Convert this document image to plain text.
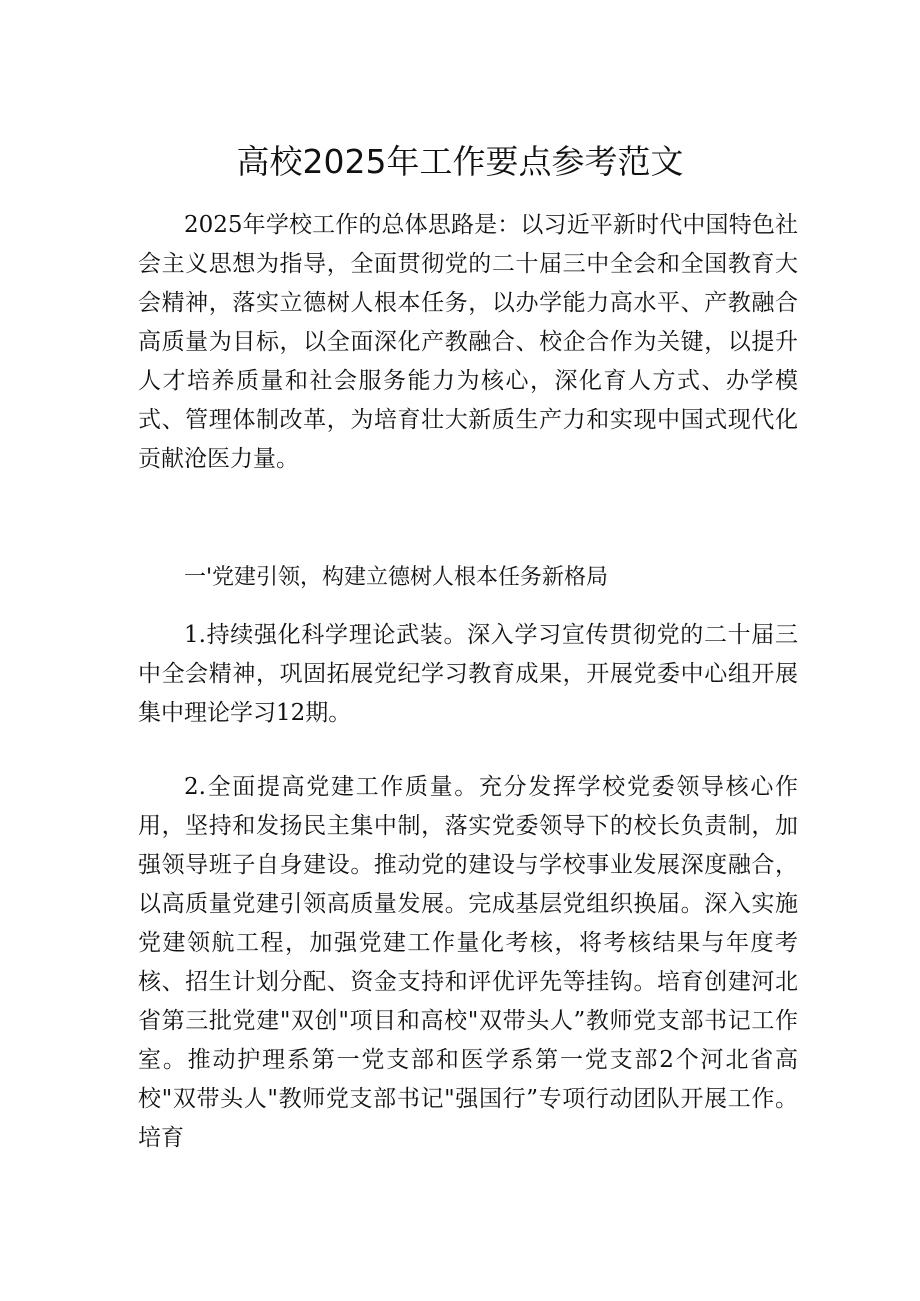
高校2025年工作要点参考范文
2025年学校工作的总体思路是：以习近平新时代中国特色社会主义思想为指导，全面贯彻党的二十届三中全会和全国教育大会精神，落实立德树人根本任务，以办学能力高水平、产教融合高质量为目标，以全面深化产教融合、校企合作为关键，以提升人才培养质量和社会服务能力为核心，深化育人方式、办学模式、管理体制改革，为培育壮大新质生产力和实现中国式现代化贡献沧医力量。
一'党建引领，构建立德树人根本任务新格局
1.持续强化科学理论武装。深入学习宣传贯彻党的二十届三中全会精神，巩固拓展党纪学习教育成果，开展党委中心组开展集中理论学习12期。
2.全面提高党建工作质量。充分发挥学校党委领导核心作用，坚持和发扬民主集中制，落实党委领导下的校长负责制，加强领导班子自身建设。推动党的建设与学校事业发展深度融合，以高质量党建引领高质量发展。完成基层党组织换届。深入实施党建领航工程，加强党建工作量化考核，将考核结果与年度考核、招生计划分配、资金支持和评优评先等挂钩。培育创建河北省第三批党建"双创"项目和高校"双带头人”教师党支部书记工作室。推动护理系第一党支部和医学系第一党支部2个河北省高校"双带头人"教师党支部书记"强国行”专项行动团队开展工作。培育
